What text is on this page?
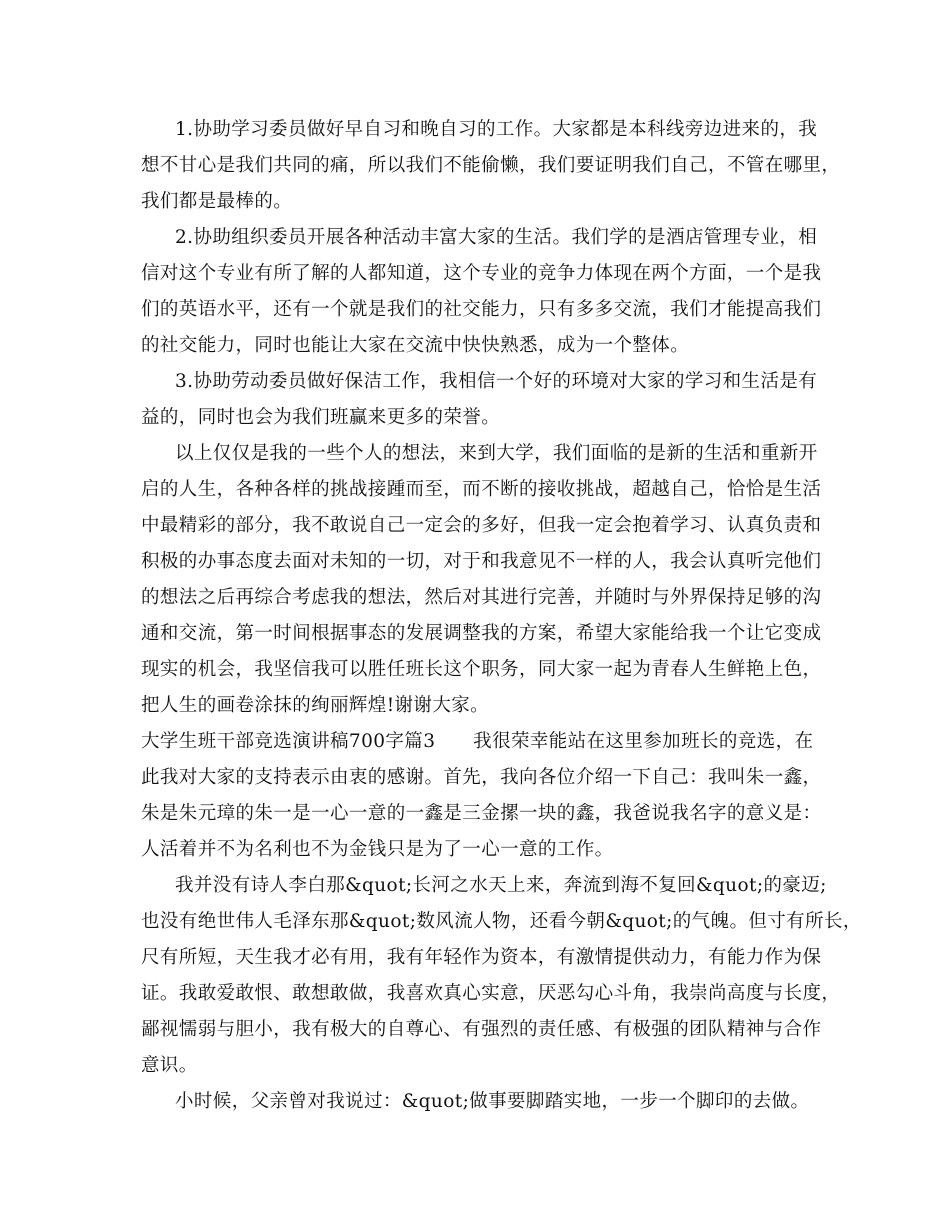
1.协助学习委员做好早自习和晚自习的工作。大家都是本科线旁边进来的，我
想不甘心是我们共同的痛，所以我们不能偷懒，我们要证明我们自己，不管在哪里，
我们都是最棒的。
2.协助组织委员开展各种活动丰富大家的生活。我们学的是酒店管理专业，相
信对这个专业有所了解的人都知道，这个专业的竞争力体现在两个方面，一个是我
们的英语水平，还有一个就是我们的社交能力，只有多多交流，我们才能提高我们
的社交能力，同时也能让大家在交流中快快熟悉，成为一个整体。
3.协助劳动委员做好保洁工作，我相信一个好的环境对大家的学习和生活是有
益的，同时也会为我们班赢来更多的荣誉。
以上仅仅是我的一些个人的想法，来到大学，我们面临的是新的生活和重新开
启的人生，各种各样的挑战接踵而至，而不断的接收挑战，超越自己，恰恰是生活
中最精彩的部分，我不敢说自己一定会的多好，但我一定会抱着学习、认真负责和
积极的办事态度去面对未知的一切，对于和我意见不一样的人，我会认真听完他们
的想法之后再综合考虑我的想法，然后对其进行完善，并随时与外界保持足够的沟
通和交流，第一时间根据事态的发展调整我的方案，希望大家能给我一个让它变成
现实的机会，我坚信我可以胜任班长这个职务，同大家一起为青春人生鲜艳上色，
把人生的画卷涂抹的绚丽辉煌!谢谢大家。
大学生班干部竞选演讲稿700字篇3　　我很荣幸能站在这里参加班长的竞选，在
此我对大家的支持表示由衷的感谢。首先，我向各位介绍一下自己：我叫朱一鑫，
朱是朱元璋的朱一是一心一意的一鑫是三金摞一块的鑫，我爸说我名字的意义是：
人活着并不为名利也不为金钱只是为了一心一意的工作。
我并没有诗人李白那&quot;长河之水天上来，奔流到海不复回&quot;的豪迈;
也没有绝世伟人毛泽东那&quot;数风流人物，还看今朝&quot;的气魄。但寸有所长，
尺有所短，天生我才必有用，我有年轻作为资本，有激情提供动力，有能力作为保
证。我敢爱敢恨、敢想敢做，我喜欢真心实意，厌恶勾心斗角，我崇尚高度与长度，
鄙视懦弱与胆小，我有极大的自尊心、有强烈的责任感、有极强的团队精神与合作
意识。
小时候，父亲曾对我说过：&quot;做事要脚踏实地，一步一个脚印的去做。
